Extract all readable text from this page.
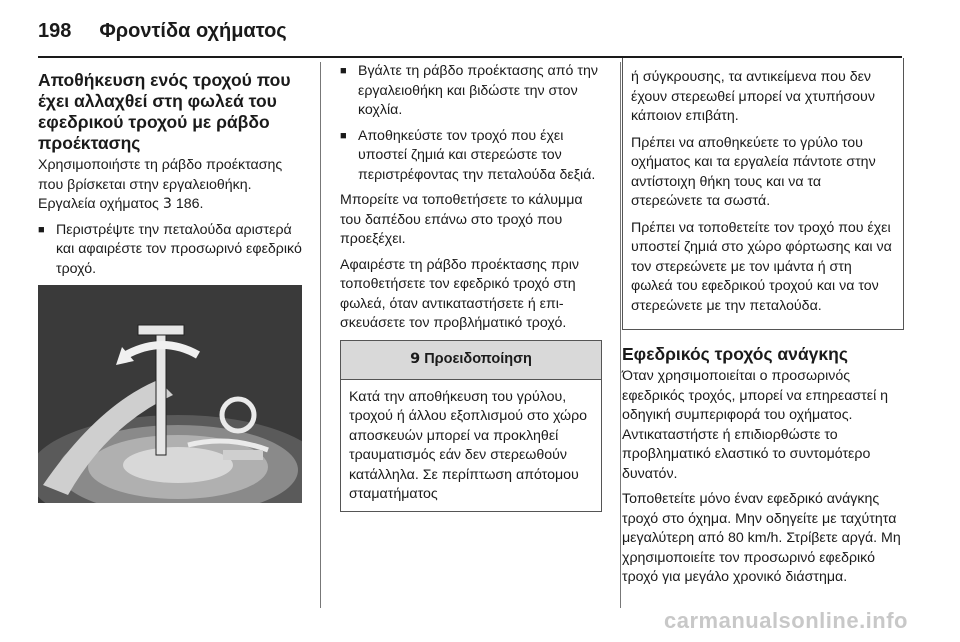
198 Φροντίδα οχήματος
Αποθήκευση ενός τροχού που έχει αλλαχθεί στη φωλεά του εφεδρικού τροχού με ράβδο προέκτασης

Χρησιμοποιήστε τη ράβδο προέκτασης που βρίσκεται στην εργαλειοθήκη. Εργαλεία οχήματος 3 186.

■ Περιστρέψτε την πεταλούδα αριστερά και αφαιρέστε τον προσωρινό εφεδρικό τροχό.
■ Βγάλτε τη ράβδο προέκτασης από την εργαλειοθήκη και βιδώστε την στον κοχλία.
■ Αποθηκεύστε τον τροχό που έχει υποστεί ζημιά και στερεώστε τον περιστρέφοντας την πεταλούδα δεξιά.

Μπορείτε να τοποθετήσετε το κάλυμμα του δαπέδου επάνω στο τροχό που προεξέχει.

Αφαιρέστε τη ράβδο προέκτασης πριν τοποθετήσετε τον εφεδρικό τροχό στη φωλεά, όταν αντικαταστήσετε ή επισκευάσετε τον προβλήματικό τροχό.

9 Προειδοποίηση
Κατά την αποθήκευση του γρύλου, τροχού ή άλλου εξοπλισμού στο χώρο αποσκευών μπορεί να προκληθεί τραυματισμός εάν δεν στερεωθούν κατάλληλα. Σε περίπτωση απότομου σταματήματος

ή σύγκρουσης, τα αντικείμενα που δεν έχουν στερεωθεί μπορεί να χτυπήσουν κάποιον επιβάτη.

Πρέπει να αποθηκεύετε το γρύλο του οχήματος και τα εργαλεία πάντοτε στην αντίστοιχη θήκη τους και να τα στερεώνετε τα σωστά.

Πρέπει να τοποθετείτε τον τροχό που έχει υποστεί ζημιά στο χώρο φόρτωσης και να τον στερεώνετε με τον ιμάντα ή στη φωλεά του εφεδρικού τροχού και να τον στερεώνετε με την πεταλούδα.

Εφεδρικός τροχός ανάγκης

Όταν χρησιμοποιείται ο προσωρινός εφεδρικός τροχός, μπορεί να επηρεαστεί η οδηγική συμπεριφορά του οχήματος. Αντικαταστήστε ή επιδιορθώστε το προβληματικό ελαστικό το συντομότερο δυνατόν.

Τοποθετείτε μόνο έναν εφεδρικό ανάγκης τροχό στο όχημα. Μην οδηγείτε με ταχύτητα μεγαλύτερη από 80 km/h. Στρίβετε αργά. Μη χρησιμοποιείτε τον προσωρινό εφεδρικό τροχό για μεγάλο χρονικό διάστημα.

carmanualsonline.info
